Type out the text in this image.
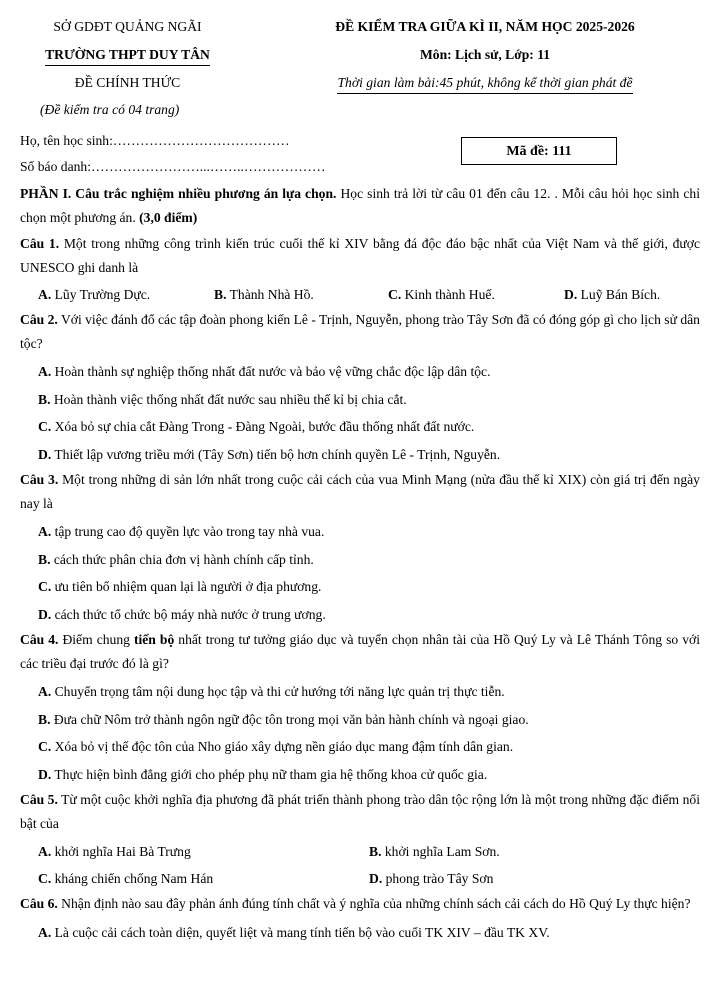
SỞ GDĐT QUẢNG NGÃI
TRƯỜNG THPT DUY TÂN
ĐỀ CHÍNH THỨC
(Đề kiểm tra có 04 trang)
ĐỀ KIỂM TRA GIỮA KÌ II, NĂM HỌC 2025-2026
Môn: Lịch sử, Lớp: 11
Thời gian làm bài:45 phút, không kể thời gian phát đề
Họ, tên học sinh:…………………………………
Số báo danh:……………………...……..………………
Mã đề: 111

PHẦN I. Câu trắc nghiệm nhiều phương án lựa chọn. Học sinh trả lời từ câu 01 đến câu 12. . Mỗi câu hỏi học sinh chỉ chọn một phương án. (3,0 điểm)

Câu 1. Một trong những công trình kiến trúc cuối thế kỉ XIV bằng đá độc đáo bậc nhất của Việt Nam và thế giới, được UNESCO ghi danh là

A. Lũy Trường Dực.	B. Thành Nhà Hồ.	C. Kinh thành Huế.	D. Luỹ Bán Bích.

Câu 2. Với việc đánh đổ các tập đoàn phong kiến Lê - Trịnh, Nguyễn, phong trào Tây Sơn đã có đóng góp gì cho lịch sử dân tộc?

A. Hoàn thành sự nghiệp thống nhất đất nước và bảo vệ vững chắc độc lập dân tộc.
B. Hoàn thành việc thống nhất đất nước sau nhiều thế kỉ bị chia cắt.
C. Xóa bỏ sự chia cắt Đàng Trong - Đàng Ngoài, bước đầu thống nhất đất nước.
D. Thiết lập vương triều mới (Tây Sơn) tiến bộ hơn chính quyền Lê - Trịnh, Nguyễn.

Câu 3. Một trong những di sản lớn nhất trong cuộc cải cách của vua Minh Mạng (nửa đầu thế kỉ XIX) còn giá trị đến ngày nay là

A. tập trung cao độ quyền lực vào trong tay nhà vua.
B. cách thức phân chia đơn vị hành chính cấp tỉnh.
C. ưu tiên bổ nhiệm quan lại là người ở địa phương.
D. cách thức tổ chức bộ máy nhà nước ở trung ương.

Câu 4. Điểm chung tiến bộ nhất trong tư tưởng giáo dục và tuyển chọn nhân tài của Hồ Quý Ly và Lê Thánh Tông so với các triều đại trước đó là gì?

A. Chuyển trọng tâm nội dung học tập và thi cử hướng tới năng lực quản trị thực tiễn.
B. Đưa chữ Nôm trở thành ngôn ngữ độc tôn trong mọi văn bản hành chính và ngoại giao.
C. Xóa bỏ vị thế độc tôn của Nho giáo xây dựng nền giáo dục mang đậm tính dân gian.
D. Thực hiện bình đẳng giới cho phép phụ nữ tham gia hệ thống khoa cử quốc gia.

Câu 5. Từ một cuộc khởi nghĩa địa phương đã phát triển thành phong trào dân tộc rộng lớn là một trong những đặc điểm nổi bật của

A. khởi nghĩa Hai Bà Trưng	B. khởi nghĩa Lam Sơn.
C. kháng chiến chống Nam Hán	D. phong trào Tây Sơn

Câu 6. Nhận định nào sau đây phản ánh đúng tính chất và ý nghĩa của những chính sách cải cách do Hồ Quý Ly thực hiện?

A. Là cuộc cải cách toàn diện, quyết liệt và mang tính tiến bộ vào cuối TK XIV – đầu TK XV.
